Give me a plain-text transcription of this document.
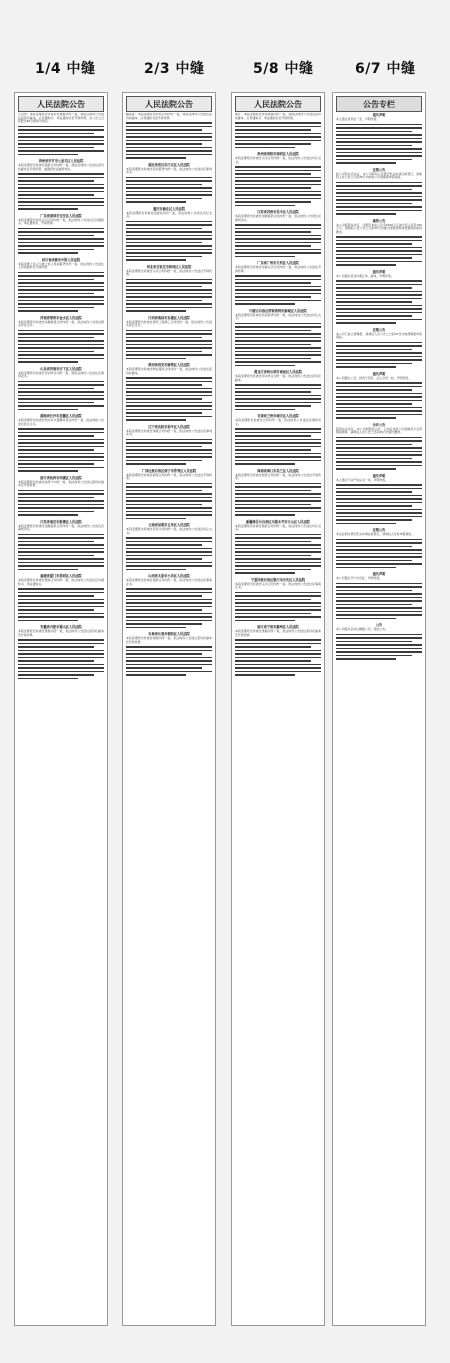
1/4 中缝	2/3 中缝	5/8 中缝	6/7 中缝
人民法院公告
王自然：本院受理原告李某诉你离婚纠纷一案，现依法向你公告送达起诉状副本、应诉通知书、举证通知书及开庭传票。自公告之日起经过60日即视为送达。
贵州省毕节市七星关区人民法院
本院受理原告诉被告借款合同纠纷一案，现依法向你公告送达起诉状副本及开庭传票，逾期将依法缺席判决。
广东省深圳市宝安区人民法院
本院受理原告诉你买卖合同纠纷一案，依法向你公告送达应诉通知书、举证通知书、开庭传票。
四川省成都市中级人民法院
本院受理上诉人与被上诉人民间借贷纠纷一案，依法向你公告送达上诉状副本及开庭传票。
河南省郑州市金水区人民法院
本院受理原告诉被告房屋租赁合同纠纷一案，依法向你公告送达相关诉讼文书。
山东省济南市历下区人民法院
本院受理原告诉被告劳动争议纠纷一案，现依法向你公告送达民事判决书。
湖南省长沙市岳麓区人民法院
本院受理原告诉被告机动车交通事故责任纠纷一案，依法向你公告送达诉讼文书。
浙江省杭州市西湖区人民法院
本院受理原告诉被告信用卡纠纷一案，依法向你公告送达起诉状副本及开庭传票。
江苏省南京市鼓楼区人民法院
本院受理原告诉被告金融借款合同纠纷一案，依法向你公告送达民事判决书。
福建省厦门市思明区人民法院
本院受理原告诉被告服务合同纠纷一案，依法向你公告送达应诉通知书、举证通知书。
安徽省合肥市蜀山区人民法院
本院受理原告诉被告离婚纠纷一案，依法向你公告送达起诉状副本及开庭传票。
人民法院公告
魏某某：本院受理原告诉你合同纠纷一案，现依法向你公告送达起诉状副本、应诉通知书及开庭传票。
湖北省武汉市江汉区人民法院
本院受理原告诉被告民间借贷纠纷一案，依法向你公告送达民事判决书。
重庆市渝北区人民法院
本院受理原告诉被告追偿权纠纷一案，依法向你公告送达诉讼文书。
河北省石家庄市桥西区人民法院
本院受理原告诉被告买卖合同纠纷一案，依法向你公告送达开庭传票。
江西省南昌市东湖区人民法院
本院受理原告诉被告建设工程施工合同纠纷一案，依法向你公告送达诉讼文书。
陕西省西安市雁塔区人民法院
本院受理原告诉被告物业服务合同纠纷一案，依法向你公告送达起诉状副本。
辽宁省沈阳市和平区人民法院
本院受理原告诉被告承揽合同纠纷一案，依法向你公告送达民事判决书。
广西壮族自治区南宁市青秀区人民法院
本院受理原告诉被告租赁合同纠纷一案，依法向你公告送达开庭传票。
云南省昆明市五华区人民法院
本院受理原告诉被告劳务合同纠纷一案，依法向你公告送达诉讼文书。
山西省太原市小店区人民法院
本院受理原告诉被告借款合同纠纷一案，依法向你公告送达民事裁定书。
吉林省长春市朝阳区人民法院
本院受理原告诉被告离婚纠纷一案，依法向你公告送达起诉状副本及开庭传票。
人民法院公告
曹红：本院受理原告诉你离婚纠纷一案，现依法向你公告送达起诉状副本、应诉通知书、举证通知书及开庭传票。
贵州省贵阳市南明区人民法院
本院受理原告诉被告买卖合同纠纷一案，依法向你公告送达诉讼文书。
江苏省苏州市吴中区人民法院
本院受理原告诉被告金融借款合同纠纷一案，依法向你公告送达民事判决书。
广东省广州市天河区人民法院
本院受理原告诉被告房屋买卖合同纠纷一案，依法向你公告送达开庭传票。
内蒙古自治区呼和浩特市新城区人民法院
本院受理原告诉被告民间借贷纠纷一案，依法向你公告送达诉讼文书。
黑龙江省哈尔滨市南岗区人民法院
本院受理原告诉被告劳动争议纠纷一案，依法向你公告送达起诉状副本。
甘肃省兰州市城关区人民法院
本院受理原告诉被告合同纠纷一案，依法向你公告送达民事判决书。
海南省海口市美兰区人民法院
本院受理原告诉被告租赁合同纠纷一案，依法向你公告送达开庭传票。
新疆维吾尔自治区乌鲁木齐市天山区人民法院
本院受理原告诉被告借款合同纠纷一案，依法向你公告送达诉讼文书。
宁夏回族自治区银川市兴庆区人民法院
本院受理原告诉被告买卖合同纠纷一案，依法向你公告送达民事裁定书。
浙江省宁波市鄞州区人民法院
本院受理原告诉被告离婚纠纷一案，依法向你公告送达起诉状副本及开庭传票。
公告专栏
遗失声明
本人遗失身份证一张，声明作废。
注销公告
经公司股东会决议，本公司拟向公司登记机关申请注销登记，请债权人自公告之日起45日内向本公司清算组申报债权。
减资公告
本公司经股东决定，注册资本由人民币1000万元减少至人民币100万元，请债权人自公告之日起45日内提出清偿债务或者提供担保的要求。
遗失声明
本公司遗失营业执照正本、副本，声明作废。
注销公告
本公司已成立清算组，请债权人自公告之日起45日内向清算组申报债权。
遗失声明
本公司遗失公章、财务专用章、法人章各一枚，声明作废。
合并公告
经股东会决议，本公司拟吸收合并，合并后存续公司承继双方全部债权债务，请债权人自公告之日起45日内提出要求。
遗失声明
本人遗失不动产权证书一本，声明作废。
注销公告
本企业拟向登记机关申请注销登记，请债权人及时申报债权。
遗失声明
本公司遗失开户许可证，声明作废。
公告
本公司股东会决议解散公司，特此公告。
